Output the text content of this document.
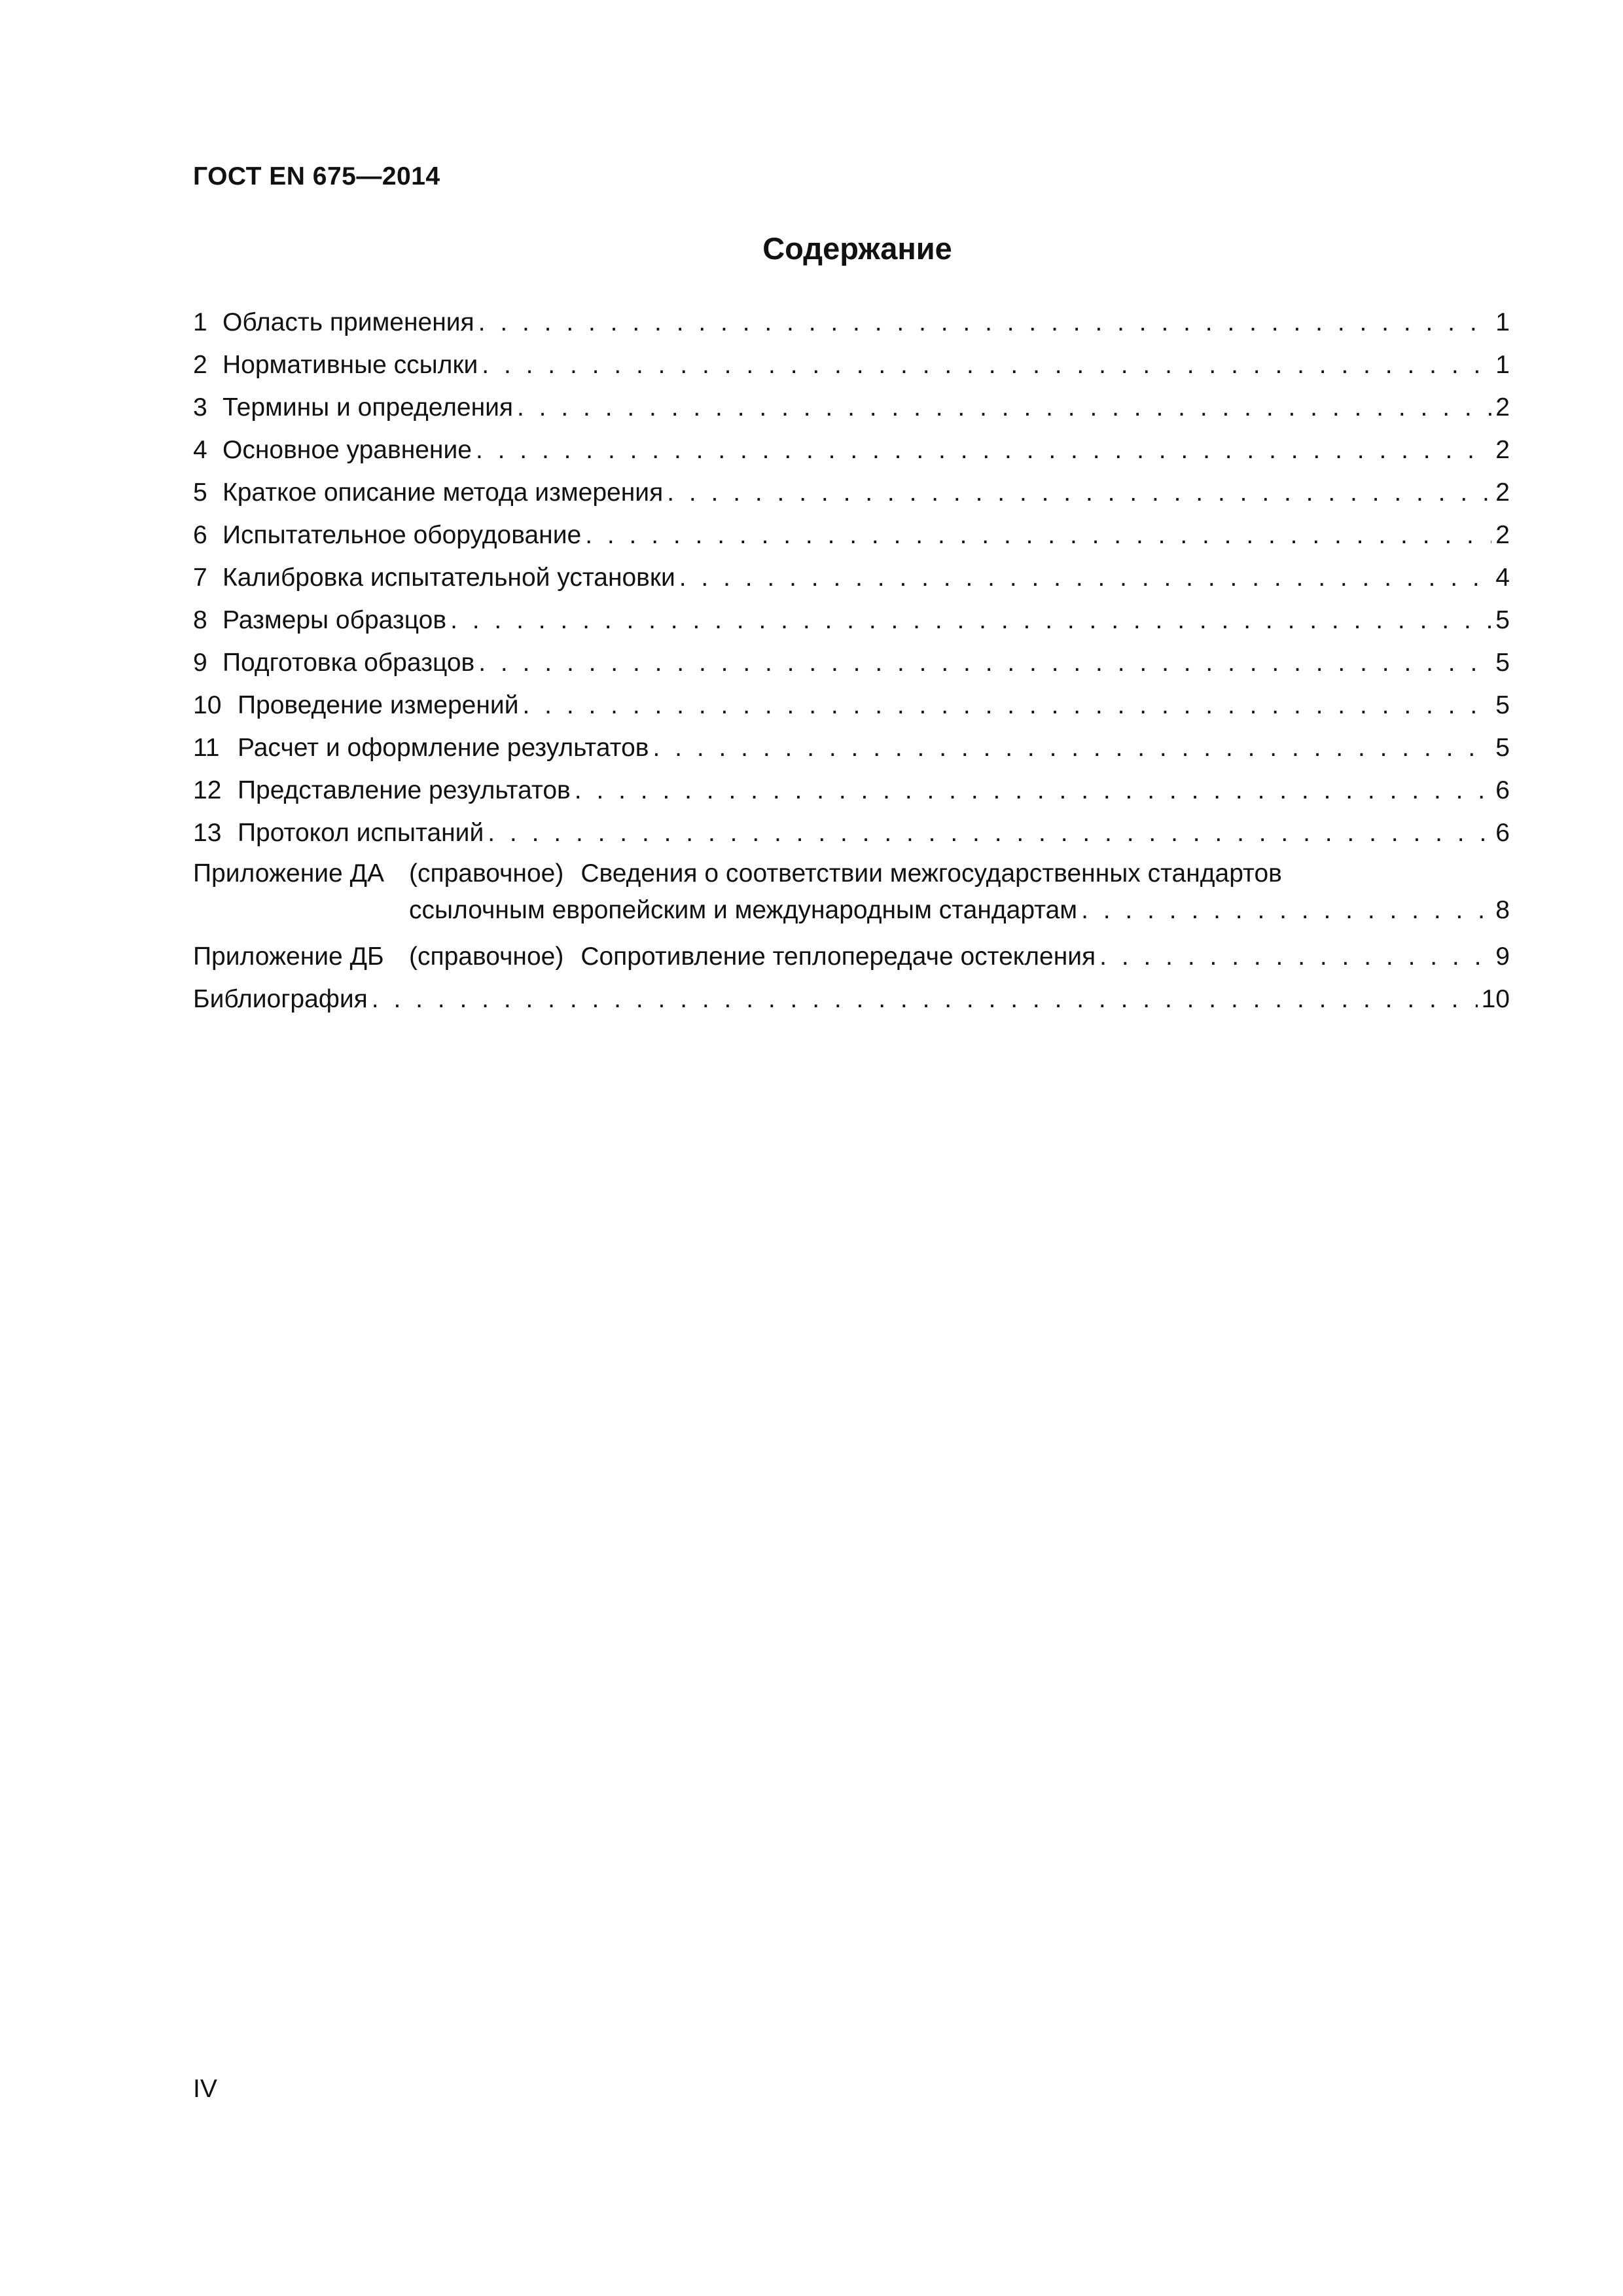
ГОСТ EN 675—2014
Содержание
1 Область применения . . .	1
2 Нормативные ссылки . . .	1
3 Термины и определения . . .	2
4 Основное уравнение . . .	2
5 Краткое описание метода измерения . . .	2
6 Испытательное оборудование . . .	2
7 Калибровка испытательной установки . . .	4
8 Размеры образцов . . .	5
9 Подготовка образцов . . .	5
10 Проведение измерений . . .	5
11 Расчет и оформление результатов . . .	5
12 Представление результатов . . .	6
13 Протокол испытаний . . .	6
Приложение ДА (справочное) Сведения о соответствии межгосударственных стандартов
ссылочным европейским и международным стандартам . . .	8
Приложение ДБ (справочное) Сопротивление теплопередаче остекления . . .	9
Библиография . . .	10
IV
